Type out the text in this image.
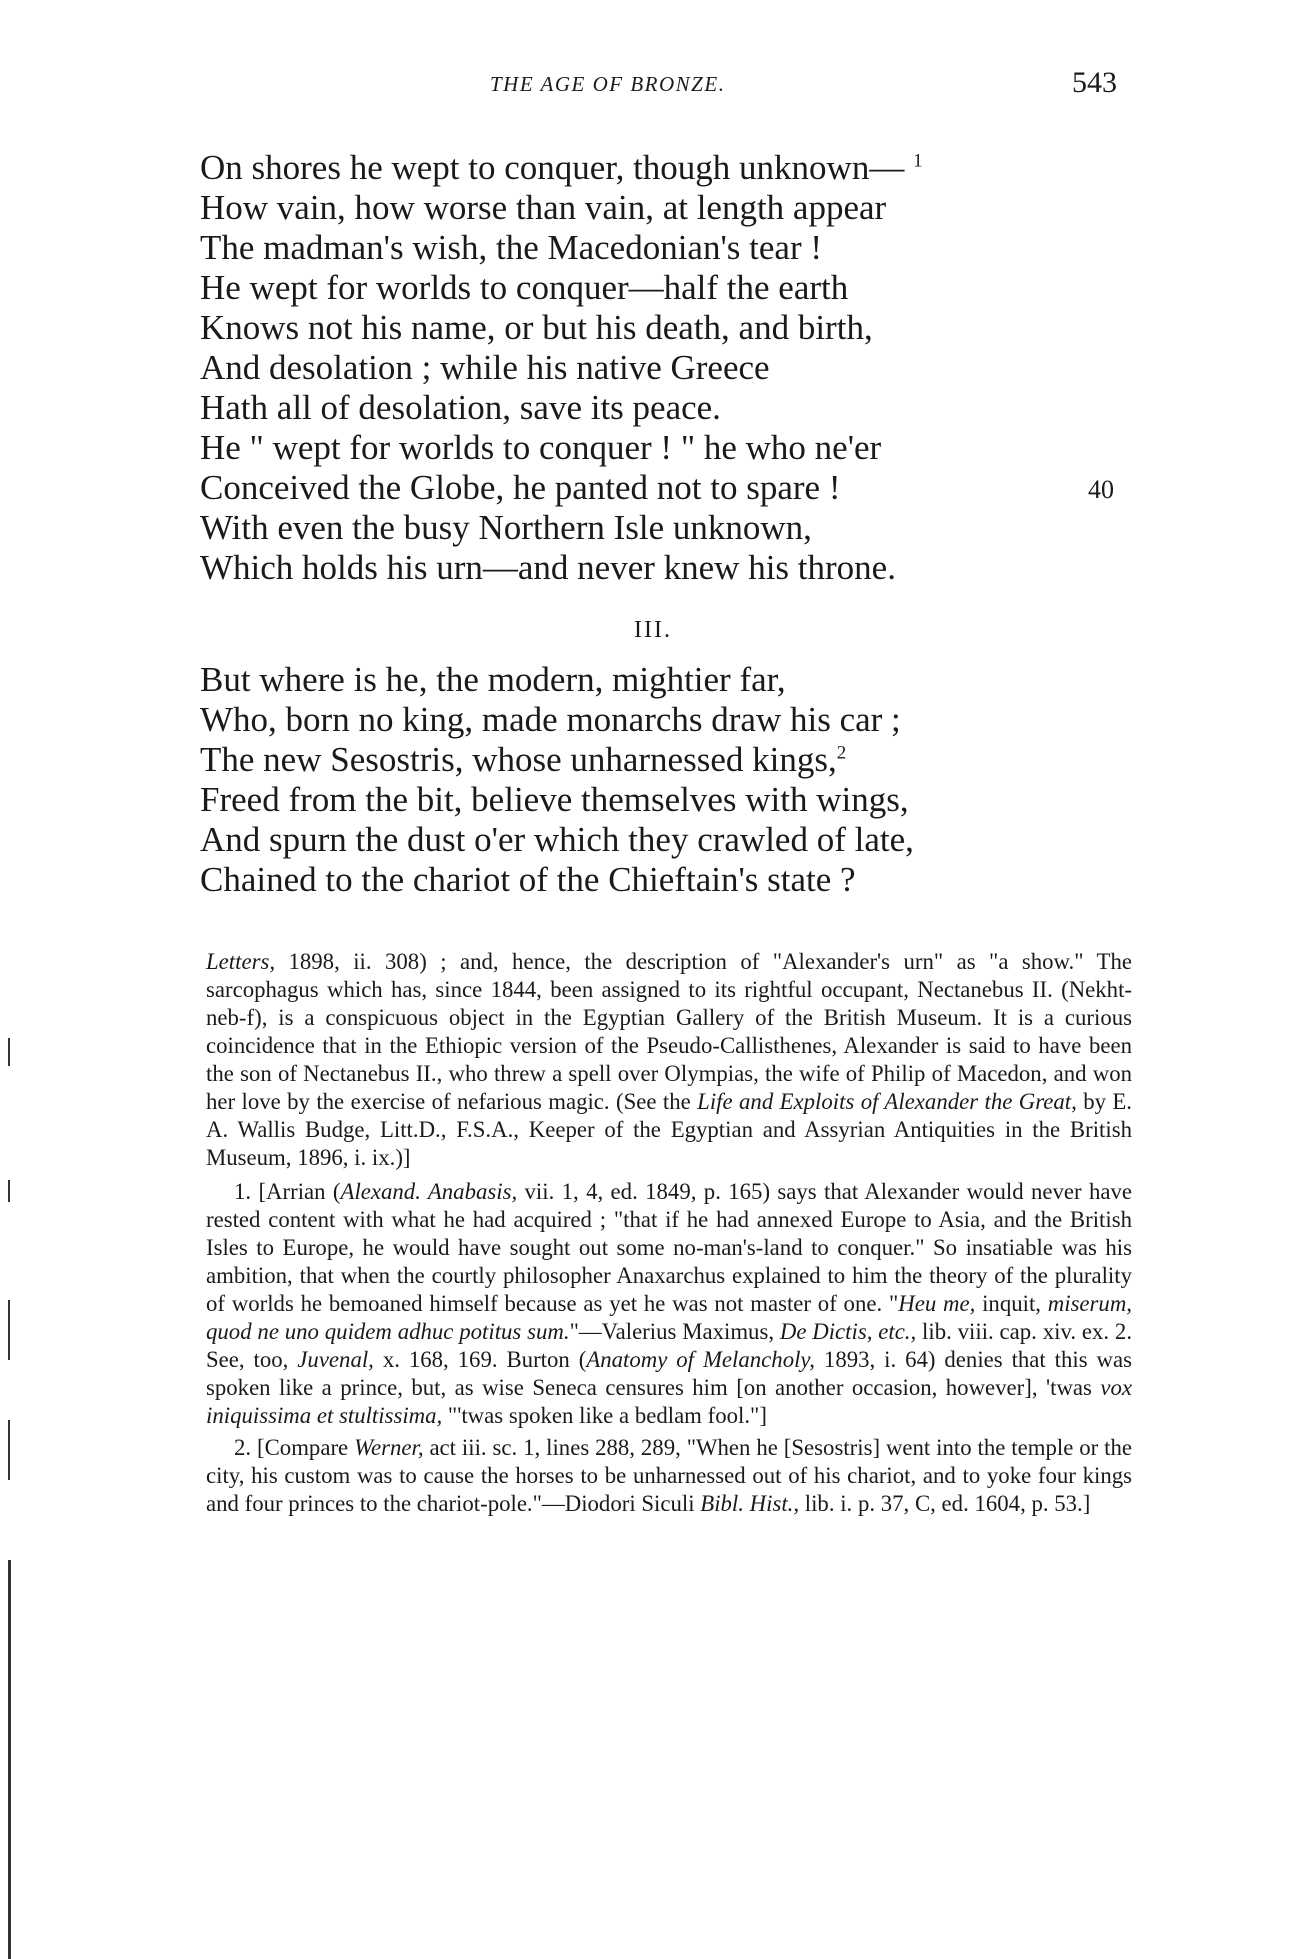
THE AGE OF BRONZE.	543
On shores he wept to conquer, though unknown— $^1$
How vain, how worse than vain, at length appear
The madman's wish, the Macedonian's tear !
He wept for worlds to conquer—half the earth
Knows not his name, or but his death, and birth,
And desolation ; while his native Greece
Hath all of desolation, save its peace.
He " wept for worlds to conquer ! " he who ne'er
Conceived the Globe, he panted not to spare !	40
With even the busy Northern Isle unknown,
Which holds his urn—and never knew his throne.
III.
But where is he, the modern, mightier far,
Who, born no king, made monarchs draw his car ;
The new Sesostris, whose unharnessed kings,$^2$
Freed from the bit, believe themselves with wings,
And spurn the dust o'er which they crawled of late,
Chained to the chariot of the Chieftain's state ?

Letters, 1898, ii. 308) ; and, hence, the description of "Alexander's urn" as "a show." The sarcophagus which has, since 1844, been assigned to its rightful occupant, Nectanebus II. (Nekht-neb-f), is a conspicuous object in the Egyptian Gallery of the British Museum. It is a curious coincidence that in the Ethiopic version of the Pseudo-Callisthenes, Alexander is said to have been the son of Nectanebus II., who threw a spell over Olympias, the wife of Philip of Macedon, and won her love by the exercise of nefarious magic. (See the Life and Exploits of Alexander the Great, by E. A. Wallis Budge, Litt.D., F.S.A., Keeper of the Egyptian and Assyrian Antiquities in the British Museum, 1896, i. ix.)]

1. [Arrian (Alexand. Anabasis, vii. 1, 4, ed. 1849, p. 165) says that Alexander would never have rested content with what he had acquired ; "that if he had annexed Europe to Asia, and the British Isles to Europe, he would have sought out some no-man's-land to conquer." So insatiable was his ambition, that when the courtly philosopher Anaxarchus explained to him the theory of the plurality of worlds he bemoaned himself because as yet he was not master of one. "Heu me, inquit, miserum, quod ne uno quidem adhuc potitus sum."—Valerius Maximus, De Dictis, etc., lib. viii. cap. xiv. ex. 2. See, too, Juvenal, x. 168, 169. Burton (Anatomy of Melancholy, 1893, i. 64) denies that this was spoken like a prince, but, as wise Seneca censures him [on another occasion, however], 'twas vox iniquissima et stultissima, "'twas spoken like a bedlam fool."]

2. [Compare Werner, act iii. sc. 1, lines 288, 289, "When he [Sesostris] went into the temple or the city, his custom was to cause the horses to be unharnessed out of his chariot, and to yoke four kings and four princes to the chariot-pole."—Diodori Siculi Bibl. Hist., lib. i. p. 37, C, ed. 1604, p. 53.]
